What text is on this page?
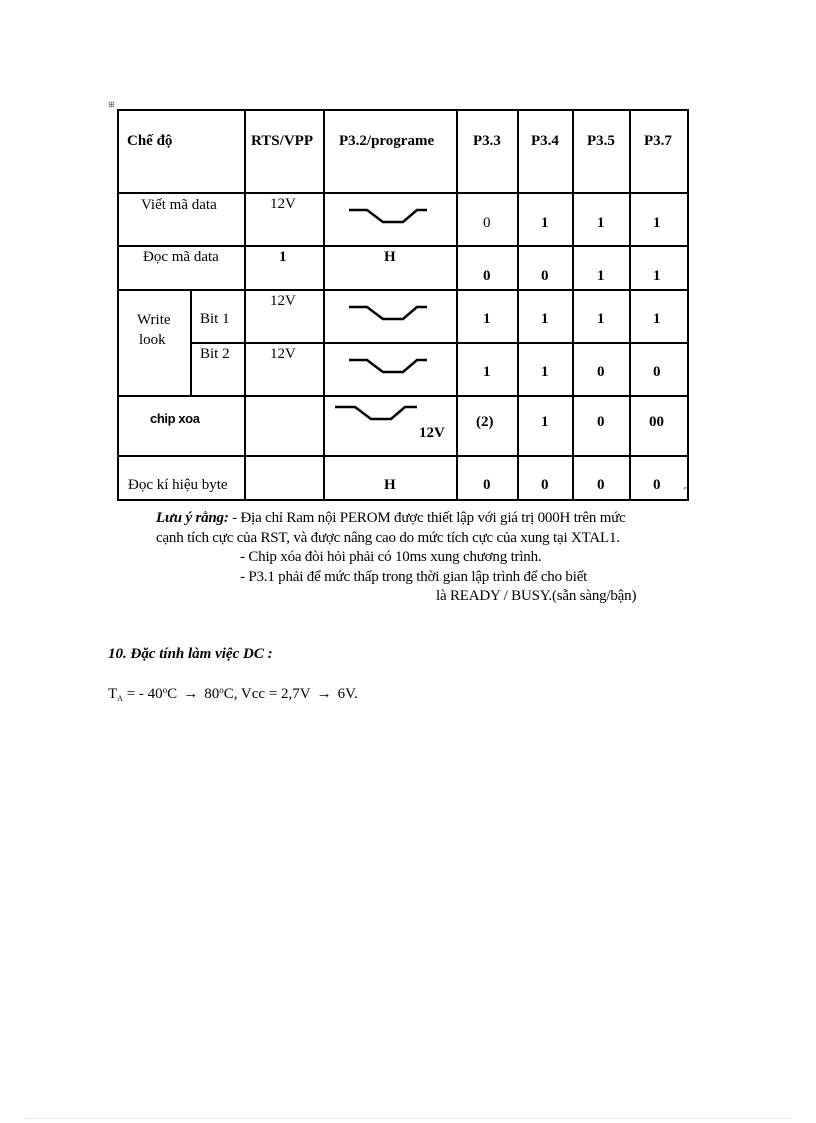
⊞
⌐
Chế độ		RTS/VPP	P3.2/programe	P3.3	P3.4	P3.5	P3.7

Viết mã data		12V		0	1	1	1

Đọc mã data		1	H	0	0	1	1

Write
look	Bit 1	12V		1	1	1	1

	Bit 2	12V		1	1	0	0

chip xoa			12V	(2)	1	0	00

Đọc kí hiệu byte			H	0	0	0	0
Lưu ý rằng: - Địa chỉ Ram nội PEROM được thiết lập với giá trị 000H trên mức
cạnh tích cực của RST, và được nâng cao do mức tích cực của xung tại XTAL1.
- Chip xóa đòi hỏi phải có 10ms xung chương trình.
- P3.1 phải để mức thấp trong thời gian lập trình để cho biết
là READY / BUSY.(sẵn sàng/bận)
10. Đặc tính làm việc DC :
$T_A$ = - $40^oC \to 80^oC$, Vcc = 2,7V → 6V.
